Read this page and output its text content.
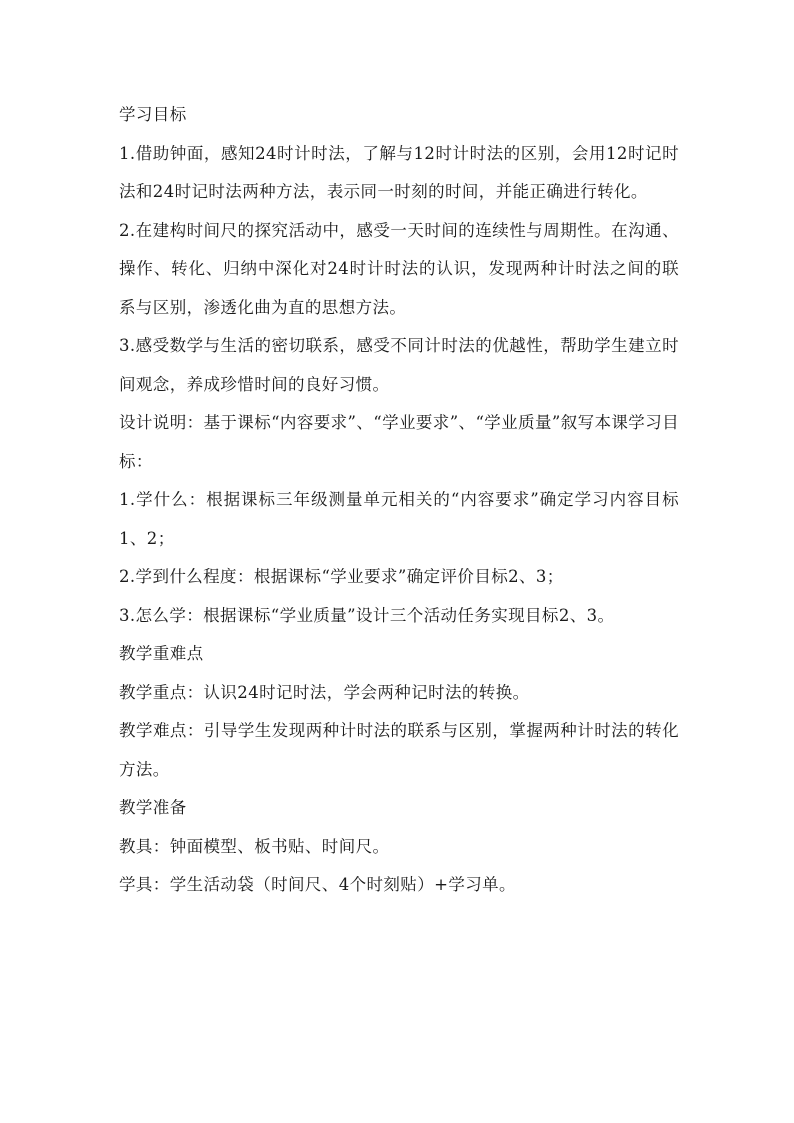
学习目标

1.借助钟面，感知24时计时法，了解与12时计时法的区别，会用12时记时法和24时记时法两种方法，表示同一时刻的时间，并能正确进行转化。

2.在建构时间尺的探究活动中，感受一天时间的连续性与周期性。在沟通、操作、转化、归纳中深化对24时计时法的认识，发现两种计时法之间的联系与区别，渗透化曲为直的思想方法。

3.感受数学与生活的密切联系，感受不同计时法的优越性，帮助学生建立时间观念，养成珍惜时间的良好习惯。

设计说明：基于课标“内容要求”、“学业要求”、“学业质量”叙写本课学习目标：

1.学什么：根据课标三年级测量单元相关的“内容要求”确定学习内容目标1、2；

2.学到什么程度：根据课标“学业要求”确定评价目标2、3；

3.怎么学：根据课标“学业质量”设计三个活动任务实现目标2、3。

教学重难点

教学重点：认识24时记时法，学会两种记时法的转换。

教学难点：引导学生发现两种计时法的联系与区别，掌握两种计时法的转化方法。

教学准备

教具：钟面模型、板书贴、时间尺。

学具：学生活动袋（时间尺、4个时刻贴）+学习单。
